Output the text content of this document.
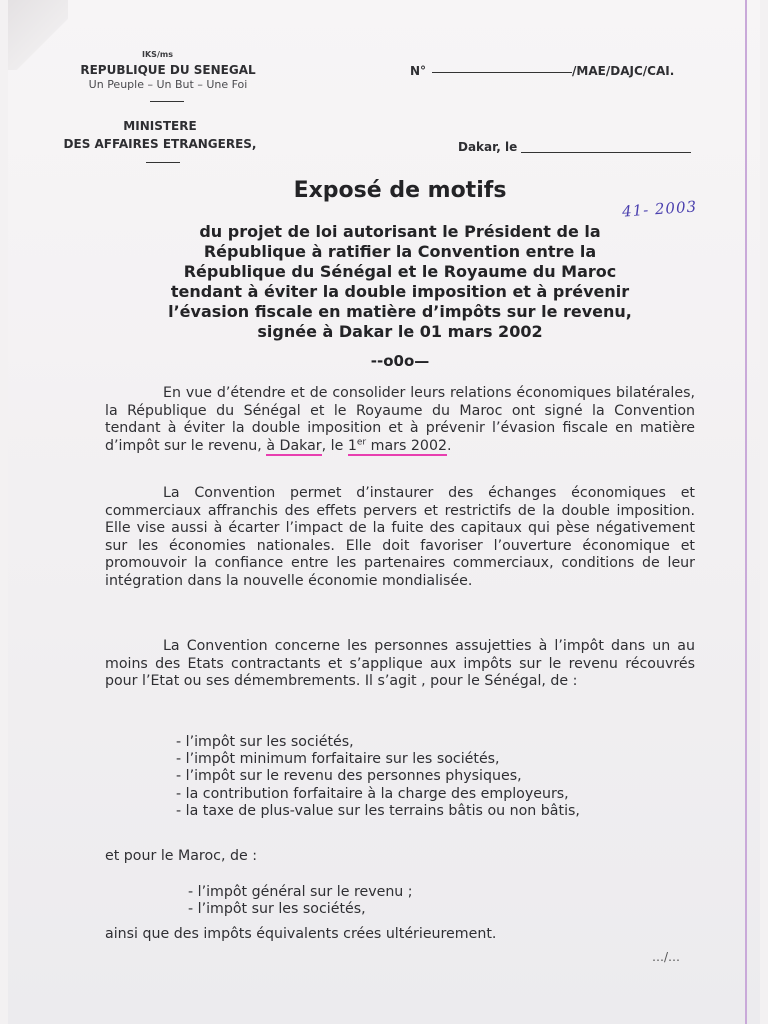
IKS/ms
REPUBLIQUE DU SENEGAL
Un Peuple – Un But – Une Foi
MINISTERE
DES AFFAIRES ETRANGERES,
N°	/MAE/DAJC/CAI.
Dakar, le
41- 2003
Exposé de motifs
du projet de loi autorisant le Président de la
République à ratifier la Convention entre la
République du Sénégal et le Royaume du Maroc
tendant à éviter la double imposition et à prévenir
l’évasion fiscale en matière d’impôts sur le revenu,
signée à Dakar le 01 mars 2002
--o0o—
En vue d’étendre et de consolider leurs relations économiques bilatérales, la République du Sénégal et le Royaume du Maroc ont signé la Convention tendant à éviter la double imposition et à prévenir l’évasion fiscale en matière d’impôt sur le revenu, à Dakar, le 1er mars 2002.
La Convention permet d’instaurer des échanges économiques et commerciaux affranchis des effets pervers et restrictifs de la double imposition. Elle vise aussi à écarter l’impact de la fuite des capitaux qui pèse négativement sur les économies nationales. Elle doit favoriser l’ouverture économique et promouvoir la confiance entre les partenaires commerciaux, conditions de leur intégration dans la nouvelle économie mondialisée.
La Convention concerne les personnes assujetties à l’impôt dans un au moins des Etats contractants et s’applique aux impôts sur le revenu récouvrés pour l’Etat ou ses démembrements. Il s’agit , pour le Sénégal, de :
- l’impôt sur les sociétés,
- l’impôt minimum forfaitaire sur les sociétés,
- l’impôt sur le revenu des personnes physiques,
- la contribution forfaitaire à la charge des employeurs,
- la taxe de plus-value sur les terrains bâtis ou non bâtis,
et pour le Maroc, de :
- l’impôt général sur le revenu ;
- l’impôt sur les sociétés,
ainsi que des impôts équivalents crées ultérieurement.
…/…
